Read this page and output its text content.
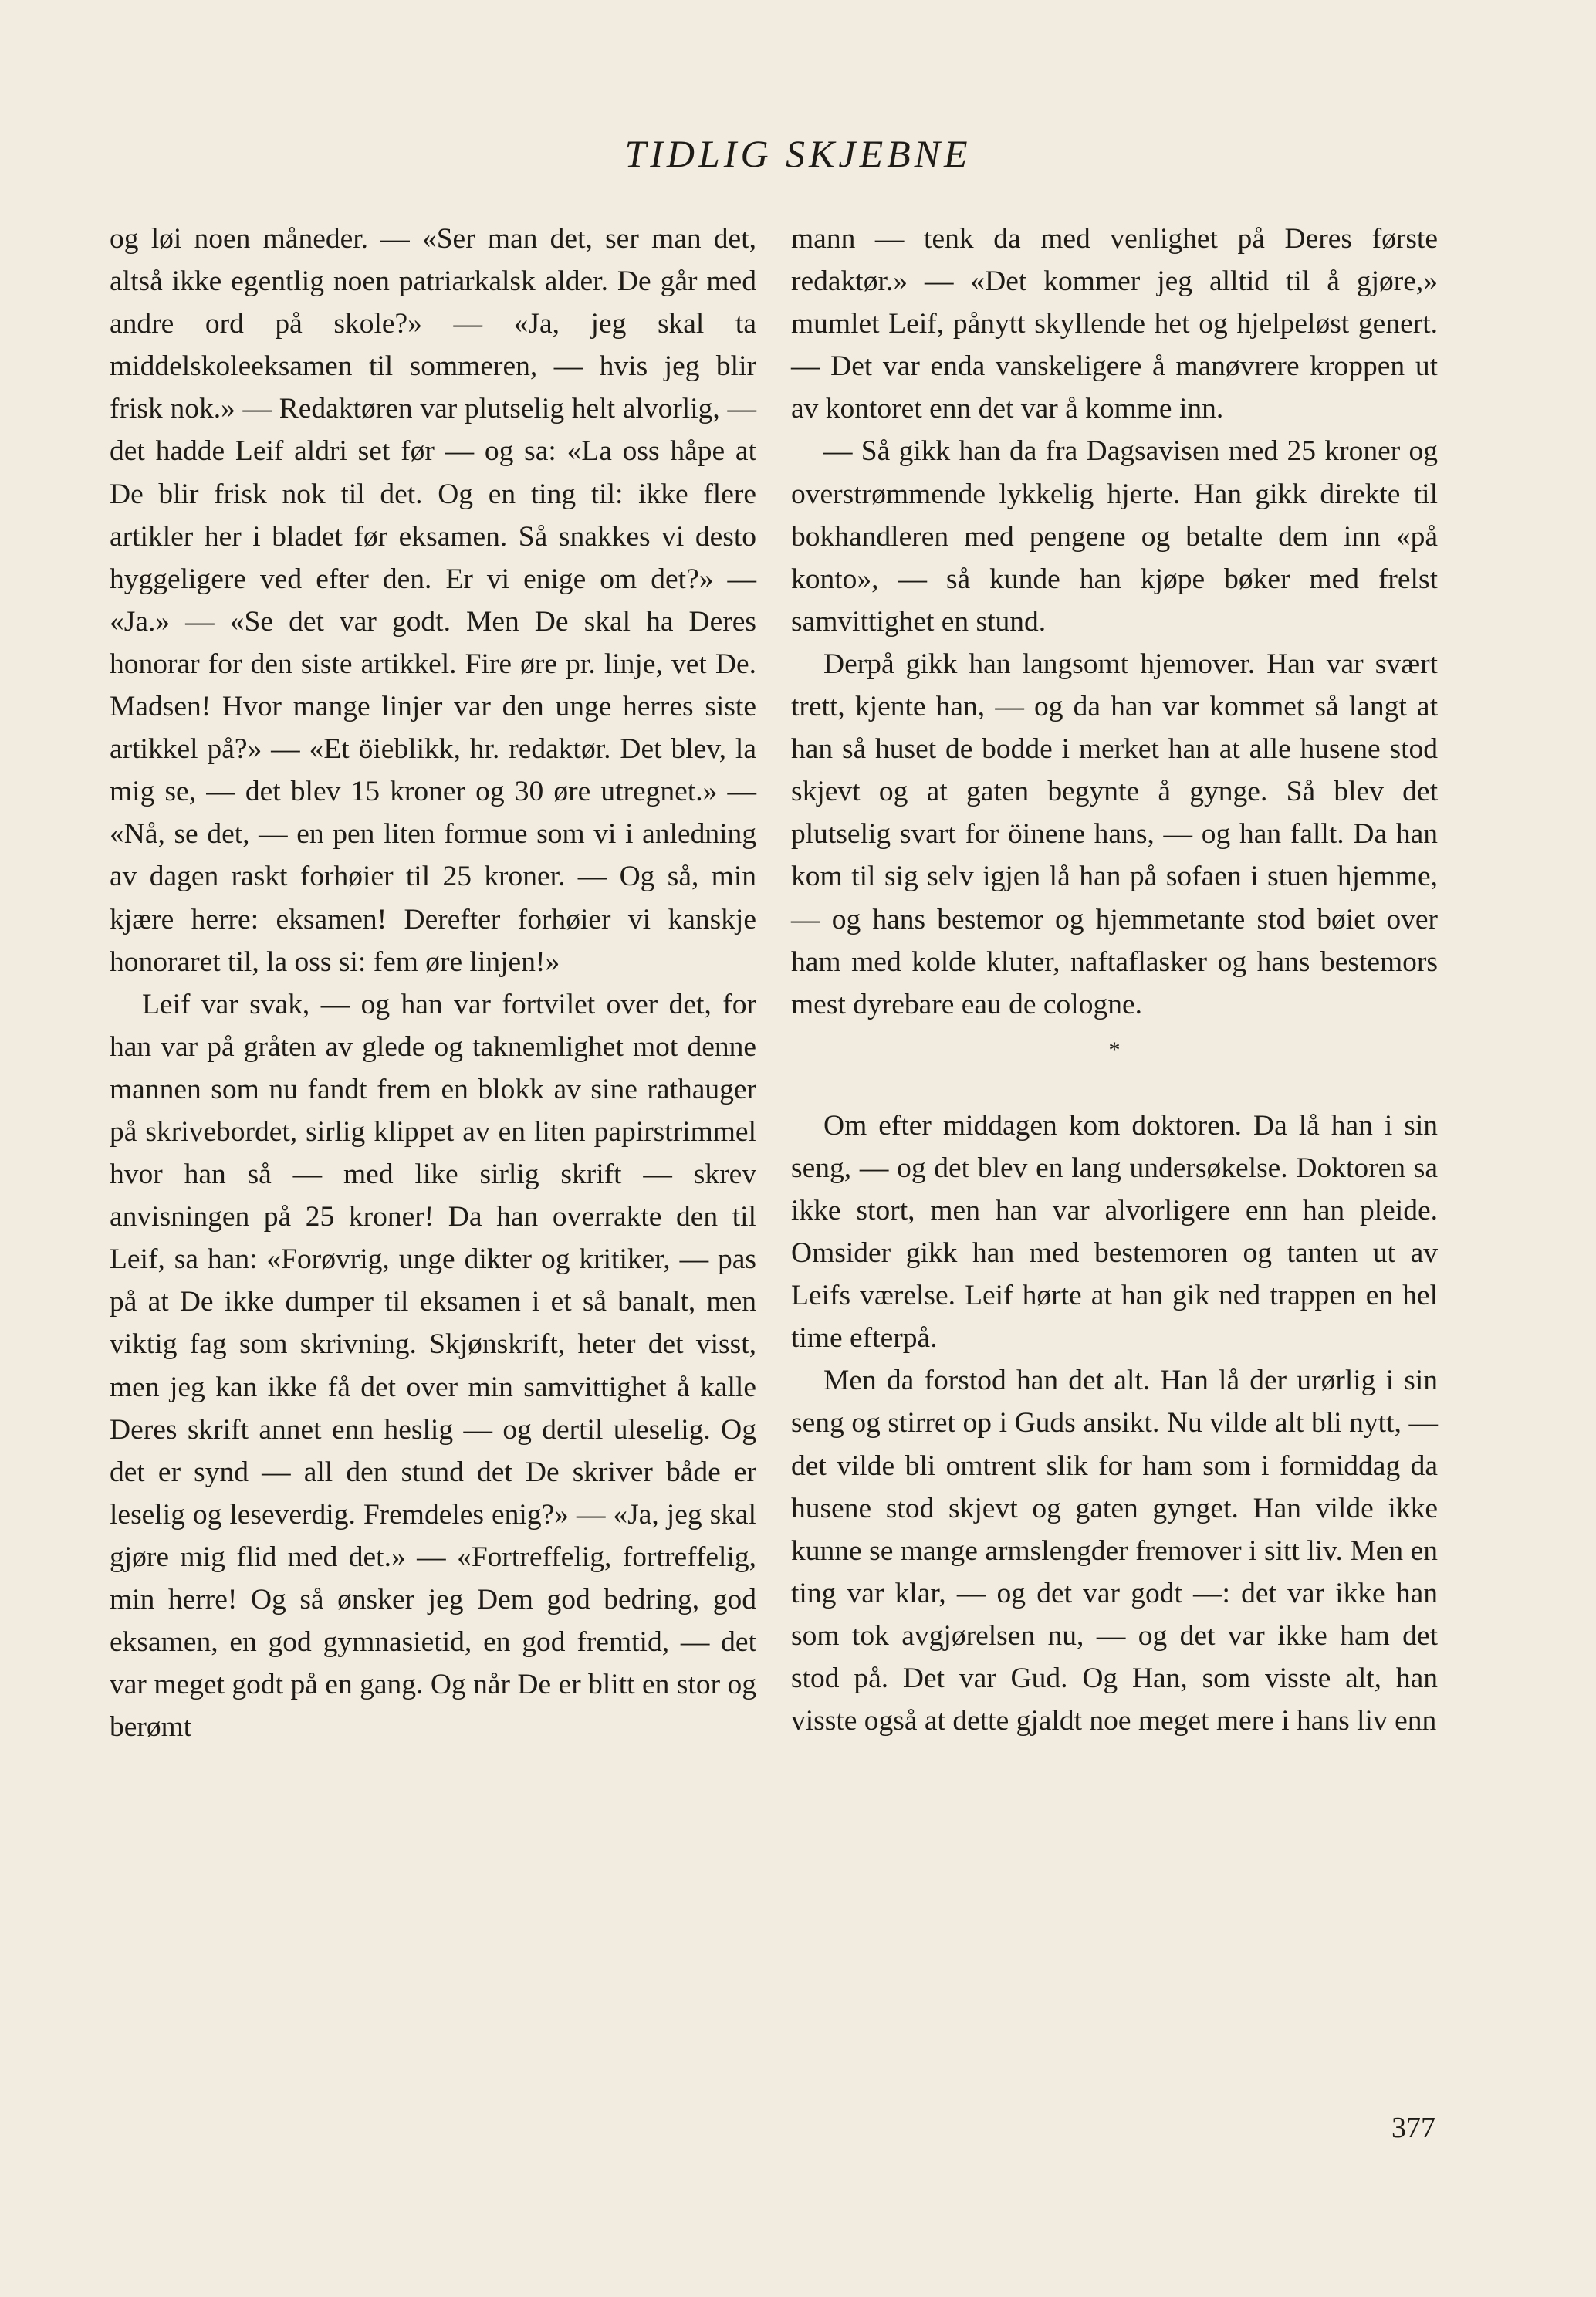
TIDLIG SKJEBNE

og løi noen måneder. — «Ser man det, ser man det, altså ikke egentlig noen patriarkalsk alder. De går med andre ord på skole?» — «Ja, jeg skal ta middelskoleeksamen til sommeren, — hvis jeg blir frisk nok.» — Redaktøren var plutselig helt alvorlig, — det hadde Leif aldri set før — og sa: «La oss håpe at De blir frisk nok til det. Og en ting til: ikke flere artikler her i bladet før eksamen. Så snakkes vi desto hyggeligere ved efter den. Er vi enige om det?» — «Ja.» — «Se det var godt. Men De skal ha Deres honorar for den siste artikkel. Fire øre pr. linje, vet De. Madsen! Hvor mange linjer var den unge herres siste artikkel på?» — «Et öieblikk, hr. redaktør. Det blev, la mig se, — det blev 15 kroner og 30 øre utregnet.» — «Nå, se det, — en pen liten formue som vi i anledning av dagen raskt forhøier til 25 kroner. — Og så, min kjære herre: eksamen! Derefter forhøier vi kanskje honoraret til, la oss si: fem øre linjen!»

Leif var svak, — og han var fortvilet over det, for han var på gråten av glede og taknemlighet mot denne mannen som nu fandt frem en blokk av sine rathauger på skrivebordet, sirlig klippet av en liten papirstrimmel hvor han så — med like sirlig skrift — skrev anvisningen på 25 kroner! Da han overrakte den til Leif, sa han: «Forøvrig, unge dikter og kritiker, — pas på at De ikke dumper til eksamen i et så banalt, men viktig fag som skrivning. Skjønskrift, heter det visst, men jeg kan ikke få det over min samvittighet å kalle Deres skrift annet enn heslig — og dertil uleselig. Og det er synd — all den stund det De skriver både er leselig og leseverdig. Fremdeles enig?» — «Ja, jeg skal gjøre mig flid med det.» — «Fortreffelig, fortreffelig, min herre! Og så ønsker jeg Dem god bedring, god eksamen, en god gymnasietid, en god fremtid, — det var meget godt på en gang. Og når De er blitt en stor og berømt

mann — tenk da med venlighet på Deres første redaktør.» — «Det kommer jeg alltid til å gjøre,» mumlet Leif, pånytt skyllende het og hjelpeløst genert. — Det var enda vanskeligere å manøvrere kroppen ut av kontoret enn det var å komme inn.

— Så gikk han da fra Dagsavisen med 25 kroner og overstrømmende lykkelig hjerte. Han gikk direkte til bokhandleren med pengene og betalte dem inn «på konto», — så kunde han kjøpe bøker med frelst samvittighet en stund.

Derpå gikk han langsomt hjemover. Han var svært trett, kjente han, — og da han var kommet så langt at han så huset de bodde i merket han at alle husene stod skjevt og at gaten begynte å gynge. Så blev det plutselig svart for öinene hans, — og han fallt. Da han kom til sig selv igjen lå han på sofaen i stuen hjemme, — og hans bestemor og hjemmetante stod bøiet over ham med kolde kluter, naftaflasker og hans bestemors mest dyrebare eau de cologne.

*

Om efter middagen kom doktoren. Da lå han i sin seng, — og det blev en lang undersøkelse. Doktoren sa ikke stort, men han var alvorligere enn han pleide. Omsider gikk han med bestemoren og tanten ut av Leifs værelse. Leif hørte at han gik ned trappen en hel time efterpå.

Men da forstod han det alt. Han lå der urørlig i sin seng og stirret op i Guds ansikt. Nu vilde alt bli nytt, — det vilde bli omtrent slik for ham som i formiddag da husene stod skjevt og gaten gynget. Han vilde ikke kunne se mange armslengder fremover i sitt liv. Men en ting var klar, — og det var godt —: det var ikke han som tok avgjørelsen nu, — og det var ikke ham det stod på. Det var Gud. Og Han, som visste alt, han visste også at dette gjaldt noe meget mere i hans liv enn

377
